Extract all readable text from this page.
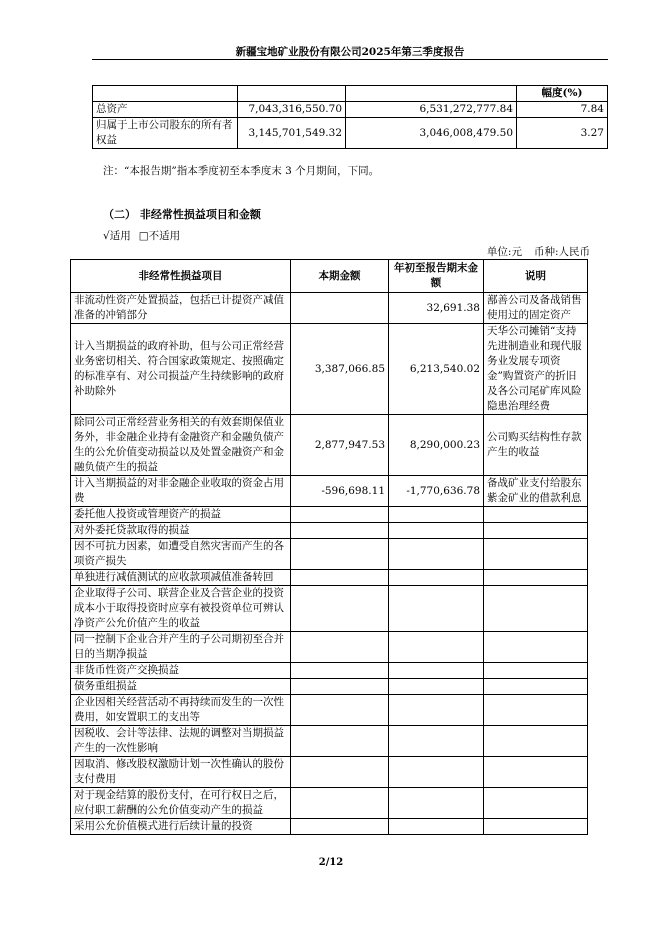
新疆宝地矿业股份有限公司2025年第三季度报告
			幅度(%)
总资产	7,043,316,550.70	6,531,272,777.84	7.84
归属于上市公司股东的所有者权益	3,145,701,549.32	3,046,008,479.50	3.27
注：“本报告期”指本季度初至本季度末 3 个月期间，下同。
（二） 非经常性损益项目和金额
√适用 □不适用
单位:元 币种:人民币
非经常性损益项目	本期金额	年初至报告期末金额	说明
非流动性资产处置损益，包括已计提资产减值准备的冲销部分		32,691.38	鄯善公司及备战销售使用过的固定资产
计入当期损益的政府补助，但与公司正常经营业务密切相关、符合国家政策规定、按照确定的标准享有、对公司损益产生持续影响的政府补助除外	3,387,066.85	6,213,540.02	天华公司摊销“支持先进制造业和现代服务业发展专项资金”购置资产的折旧及各公司尾矿库风险隐患治理经费
除同公司正常经营业务相关的有效套期保值业务外，非金融企业持有金融资产和金融负债产生的公允价值变动损益以及处置金融资产和金融负债产生的损益	2,877,947.53	8,290,000.23	公司购买结构性存款产生的收益
计入当期损益的对非金融企业收取的资金占用费	-596,698.11	-1,770,636.78	备战矿业支付给股东紫金矿业的借款利息
委托他人投资或管理资产的损益			
对外委托贷款取得的损益			
因不可抗力因素，如遭受自然灾害而产生的各项资产损失			
单独进行减值测试的应收款项减值准备转回			
企业取得子公司、联营企业及合营企业的投资成本小于取得投资时应享有被投资单位可辨认净资产公允价值产生的收益			
同一控制下企业合并产生的子公司期初至合并日的当期净损益			
非货币性资产交换损益			
债务重组损益			
企业因相关经营活动不再持续而发生的一次性费用，如安置职工的支出等			
因税收、会计等法律、法规的调整对当期损益产生的一次性影响			
因取消、修改股权激励计划一次性确认的股份支付费用			
对于现金结算的股份支付，在可行权日之后，应付职工薪酬的公允价值变动产生的损益			
采用公允价值模式进行后续计量的投资			
2/12
